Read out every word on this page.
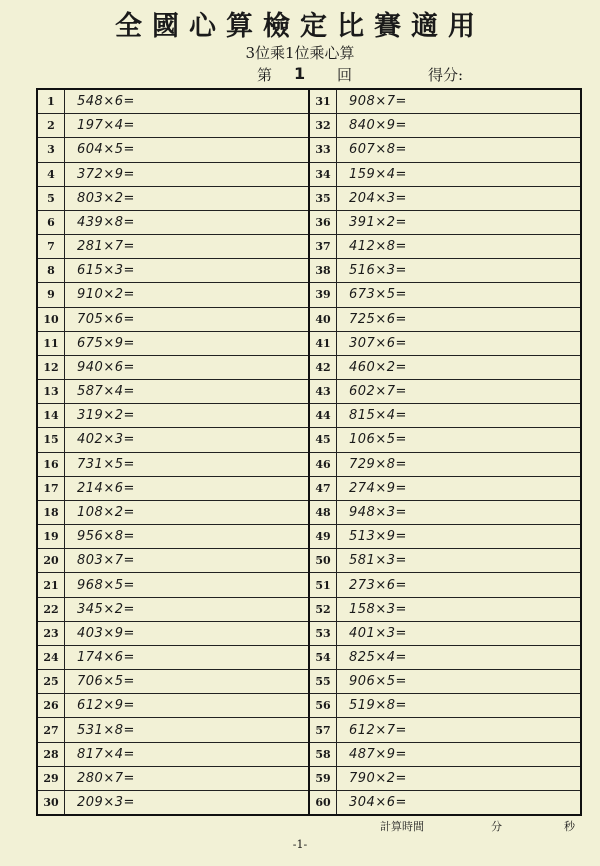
全國心算檢定比賽適用
3位乘1位乘心算
第 1 回	得分:
1	548×6=
2	197×4=
3	604×5=
4	372×9=
5	803×2=
6	439×8=
7	281×7=
8	615×3=
9	910×2=
10	705×6=
11	675×9=
12	940×6=
13	587×4=
14	319×2=
15	402×3=
16	731×5=
17	214×6=
18	108×2=
19	956×8=
20	803×7=
21	968×5=
22	345×2=
23	403×9=
24	174×6=
25	706×5=
26	612×9=
27	531×8=
28	817×4=
29	280×7=
30	209×3=
31	908×7=
32	840×9=
33	607×8=
34	159×4=
35	204×3=
36	391×2=
37	412×8=
38	516×3=
39	673×5=
40	725×6=
41	307×6=
42	460×2=
43	602×7=
44	815×4=
45	106×5=
46	729×8=
47	274×9=
48	948×3=
49	513×9=
50	581×3=
51	273×6=
52	158×3=
53	401×3=
54	825×4=
55	906×5=
56	519×8=
57	612×7=
58	487×9=
59	790×2=
60	304×6=
計算時間	分	秒
-1-
